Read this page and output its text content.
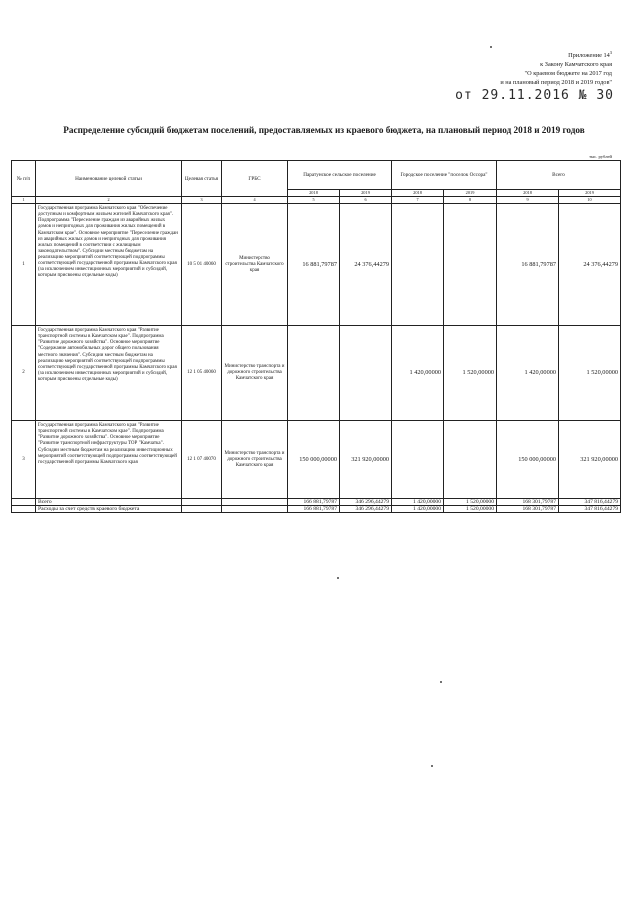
Приложение $14^3$
к Закону Камчатского края
"О краевом бюджете на 2017 год
и на плановый период 2018 и 2019 годов"
от 29.11.2016 № 30
Распределение субсидий бюджетам поселений, предоставляемых из краевого бюджета, на плановый период 2018 и 2019 годов
тыс. рублей
№ п/п	Наименование целевой статьи	Целевая статья	ГРБС	Паратунское сельское поселение		Городское поселение "поселок Оссора"		Всего	
				2018	2019	2018	2019	2018	2019
1	2	3	4	5	6	7	8	9	10
1	Государственная программа Камчатского края "Обеспечение доступным и комфортным жильем жителей Камчатского края". Подпрограмма "Переселение граждан из аварийных жилых домов и непригодных для проживания жилых помещений в Камчатском крае". Основное мероприятие "Переселение граждан из аварийных жилых домов и непригодных для проживания жилых помещений в соответствии с жилищным законодательством". Субсидии местным бюджетам на реализацию мероприятий соответствующей подпрограммы соответствующей государственной программы Камчатского края (за исключением инвестиционных мероприятий и субсидий, которым присвоены отдельные коды)	10 5 01 40060	Министерство строительства Камчатского края	16 881,79787	24 376,44279			16 881,79787	24 376,44279
2	Государственная программа Камчатского края "Развитие транспортной системы в Камчатском крае". Подпрограмма "Развитие дорожного хозяйства". Основное мероприятие "Содержание автомобильных дорог общего пользования местного значения". Субсидии местным бюджетам на реализацию мероприятий соответствующей подпрограммы соответствующей государственной программы Камчатского края (за исключением инвестиционных мероприятий и субсидий, которым присвоены отдельные коды)	12 1 05 40060	Министерство транспорта и дорожного строительства Камчатского края			1 420,00000	1 520,00000	1 420,00000	1 520,00000
3	Государственная программа Камчатского края "Развитие транспортной системы в Камчатском крае". Подпрограмма "Развитие дорожного хозяйства". Основное мероприятие "Развитие транспортной инфраструктуры ТОР "Камчатка". Субсидии местным бюджетам на реализацию инвестиционных мероприятий соответствующей подпрограммы соответствующей государственной программы Камчатского края	12 1 07 40070	Министерство транспорта и дорожного строительства Камчатского края	150 000,00000	321 920,00000			150 000,00000	321 920,00000
	Всего			166 881,79787	346 296,44279	1 420,00000	1 520,00000	168 301,79787	347 816,44279
	Расходы за счет средств краевого бюджета			166 881,79787	346 296,44279	1 420,00000	1 520,00000	168 301,79787	347 816,44279
